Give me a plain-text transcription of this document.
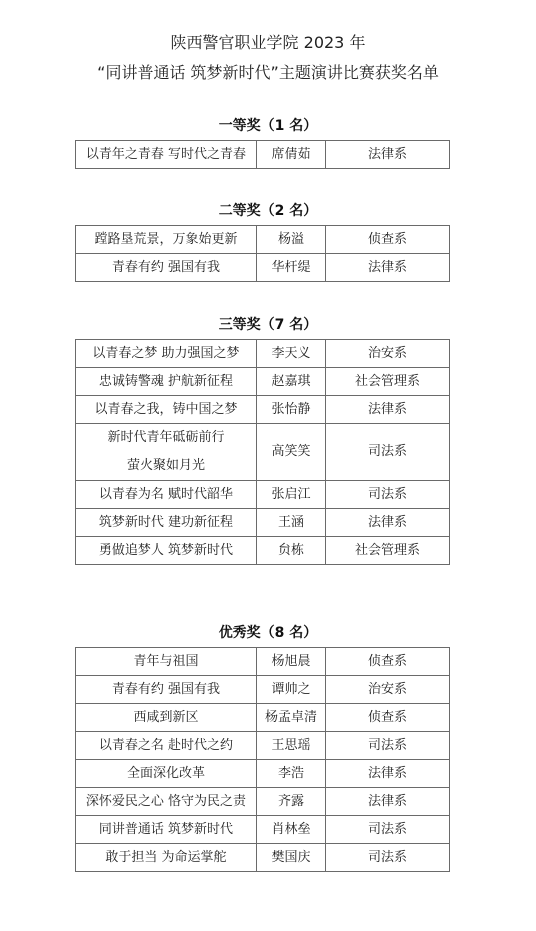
陕西警官职业学院 2023 年
“同讲普通话 筑梦新时代”主题演讲比赛获奖名单
一等奖（1 名）
以青年之青春 写时代之青春	席倩茹	法律系
二等奖（2 名）
蹚路垦荒景，万象始更新	杨溢	侦查系
青春有约 强国有我	华杆缇	法律系
三等奖（7 名）
以青春之梦 助力强国之梦	李天义	治安系
忠诚铸警魂 护航新征程	赵嘉琪	社会管理系
以青春之我，铸中国之梦	张怡静	法律系

新时代青年砥砺前行
萤火聚如月光	高笑笑	司法系
以青春为名 赋时代韶华	张启江	司法系
筑梦新时代 建功新征程	王涵	法律系
勇做追梦人 筑梦新时代	贠栋	社会管理系
优秀奖（8 名）
青年与祖国	杨旭晨	侦查系
青春有约 强国有我	谭帅之	治安系
西咸到新区	杨孟卓清	侦查系
以青春之名 赴时代之约	王思瑶	司法系
全面深化改革	李浩	法律系
深怀爱民之心 恪守为民之责	齐露	法律系
同讲普通话 筑梦新时代	肖林垒	司法系
敢于担当 为命运掌舵	樊国庆	司法系
